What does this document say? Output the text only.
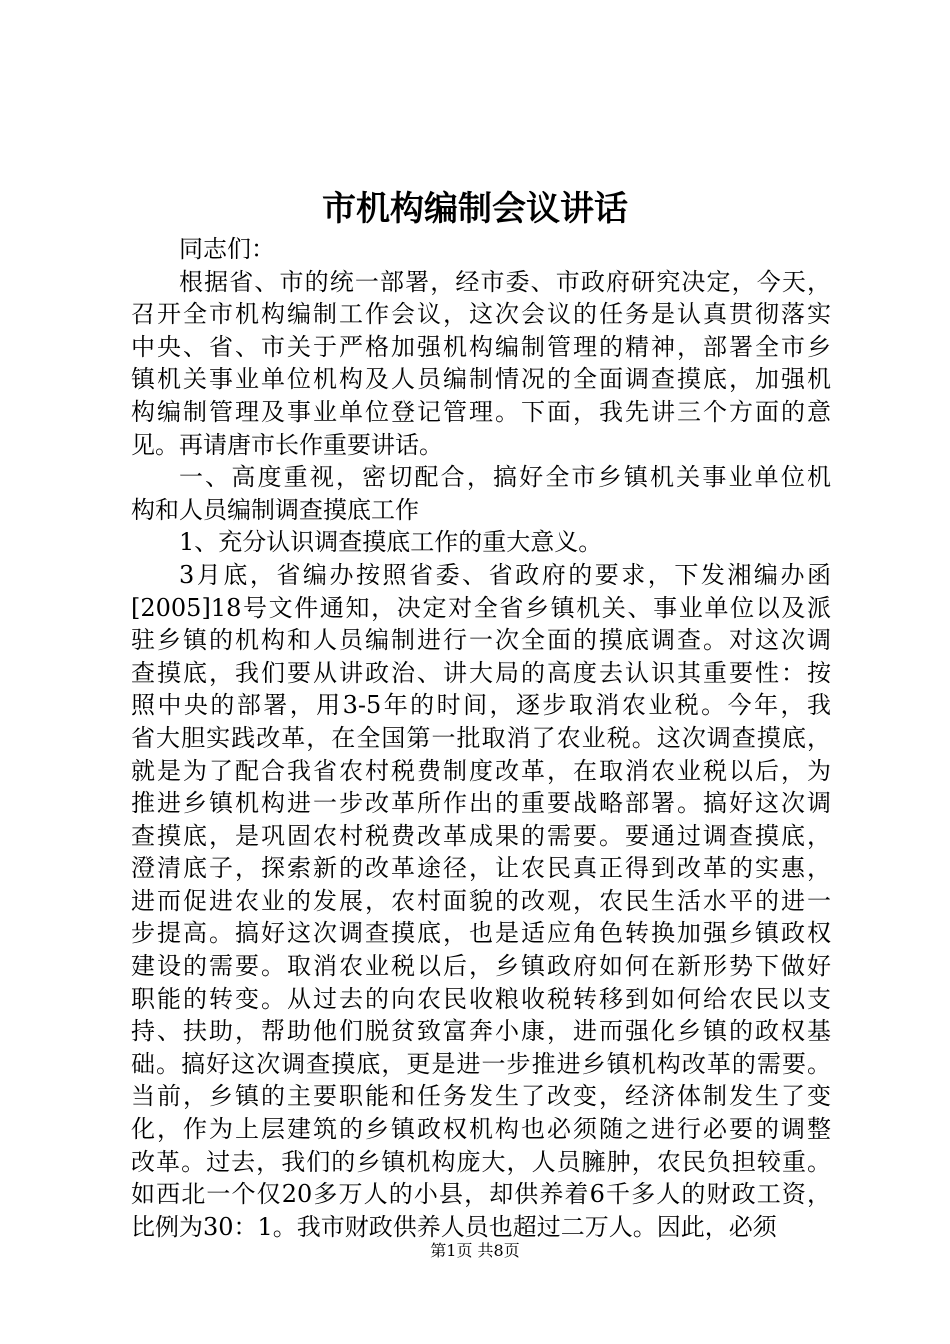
市机构编制会议讲话

同志们：

根据省、市的统一部署，经市委、市政府研究决定，今天，
召开全市机构编制工作会议，这次会议的任务是认真贯彻落实
中央、省、市关于严格加强机构编制管理的精神，部署全市乡
镇机关事业单位机构及人员编制情况的全面调查摸底，加强机
构编制管理及事业单位登记管理。下面，我先讲三个方面的意
见。再请唐市长作重要讲话。

一、高度重视，密切配合，搞好全市乡镇机关事业单位机
构和人员编制调查摸底工作

1、充分认识调查摸底工作的重大意义。

3月底，省编办按照省委、省政府的要求，下发湘编办函
[2005]18号文件通知，决定对全省乡镇机关、事业单位以及派
驻乡镇的机构和人员编制进行一次全面的摸底调查。对这次调
查摸底，我们要从讲政治、讲大局的高度去认识其重要性：按
照中央的部署，用3-5年的时间，逐步取消农业税。今年，我
省大胆实践改革，在全国第一批取消了农业税。这次调查摸底，
就是为了配合我省农村税费制度改革，在取消农业税以后，为
推进乡镇机构进一步改革所作出的重要战略部署。搞好这次调
查摸底，是巩固农村税费改革成果的需要。要通过调查摸底，
澄清底子，探索新的改革途径，让农民真正得到改革的实惠，
进而促进农业的发展，农村面貌的改观，农民生活水平的进一
步提高。搞好这次调查摸底，也是适应角色转换加强乡镇政权
建设的需要。取消农业税以后，乡镇政府如何在新形势下做好
职能的转变。从过去的向农民收粮收税转移到如何给农民以支
持、扶助，帮助他们脱贫致富奔小康，进而强化乡镇的政权基
础。搞好这次调查摸底，更是进一步推进乡镇机构改革的需要。
当前，乡镇的主要职能和任务发生了改变，经济体制发生了变
化，作为上层建筑的乡镇政权机构也必须随之进行必要的调整
改革。过去，我们的乡镇机构庞大，人员臃肿，农民负担较重。
如西北一个仅20多万人的小县，却供养着6千多人的财政工资，
比例为30：1。我市财政供养人员也超过二万人。因此，必须

第1页 共8页
